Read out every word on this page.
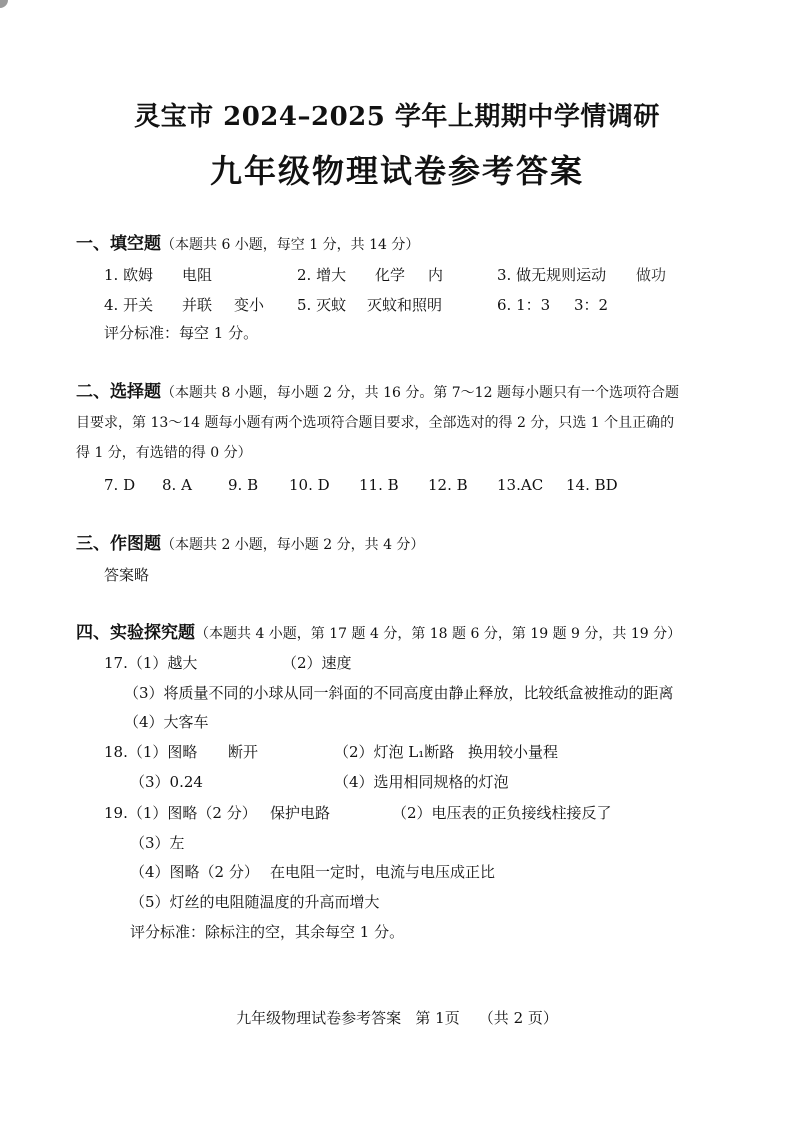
灵宝市 2024–2025 学年上期期中学情调研
九年级物理试卷参考答案
一、填空题（本题共 6 小题，每空 1 分，共 14 分）
1. 欧姆 电阻	2. 增大 化学 内	3. 做无规则运动 做功
4. 开关 并联 变小 5. 灭蚊 灭蚊和照明	6. 1：3 3：2
评分标准：每空 1 分。
二、选择题（本题共 8 小题，每小题 2 分，共 16 分。第 7～12 题每小题只有一个选项符合题
目要求，第 13～14 题每小题有两个选项符合题目要求，全部选对的得 2 分，只选 1 个且正确的
得 1 分，有选错的得 0 分）
7. D 8. A 9. B 10. D 11. B 12. B 13.AC 14. BD
三、作图题（本题共 2 小题，每小题 2 分，共 4 分）
答案略
四、实验探究题（本题共 4 小题，第 17 题 4 分，第 18 题 6 分，第 19 题 9 分，共 19 分）
17.（1）越大	（2）速度
（3）将质量不同的小球从同一斜面的不同高度由静止释放，比较纸盒被推动的距离
（4）大客车
18.（1）图略 断开	（2）灯泡 L₁断路 换用较小量程
（3）0.24	（4）选用相同规格的灯泡
19.（1）图略（2 分） 保护电路	（2）电压表的正负接线柱接反了
（3）左
（4）图略（2 分） 在电阻一定时，电流与电压成正比
（5）灯丝的电阻随温度的升高而增大
评分标准：除标注的空，其余每空 1 分。
九年级物理试卷参考答案   第 1页    （共 2 页）
